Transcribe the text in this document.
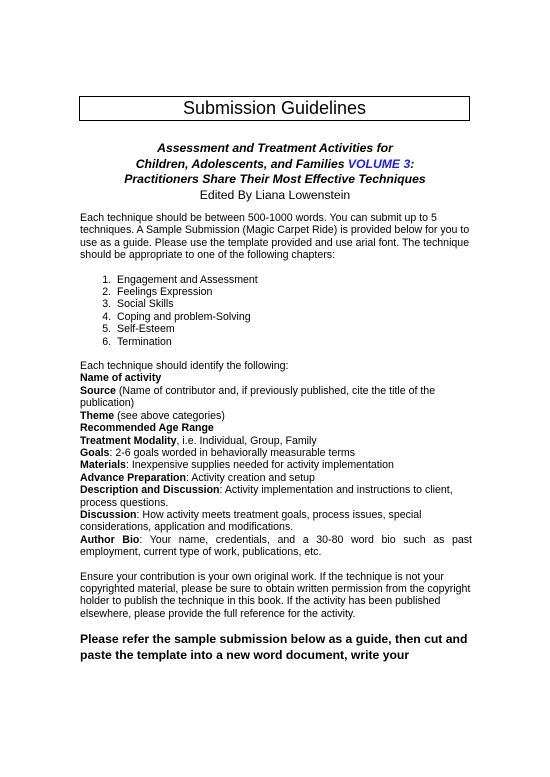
Submission Guidelines
Assessment and Treatment Activities for
Children, Adolescents, and Families VOLUME 3:
Practitioners Share Their Most Effective Techniques
Edited By Liana Lowenstein

Each technique should be between 500-1000 words. You can submit up to 5 techniques. A Sample Submission (Magic Carpet Ride) is provided below for you to use as a guide. Please use the template provided and use arial font. The technique should be appropriate to one of the following chapters:

1. Engagement and Assessment
2. Feelings Expression
3. Social Skills
4. Coping and problem-Solving
5. Self-Esteem
6. Termination

Each technique should identify the following:

Name of activity

Source (Name of contributor and, if previously published, cite the title of the publication)

Theme (see above categories)

Recommended Age Range

Treatment Modality, i.e. Individual, Group, Family

Goals: 2-6 goals worded in behaviorally measurable terms

Materials: Inexpensive supplies needed for activity implementation

Advance Preparation: Activity creation and setup

Description and Discussion: Activity implementation and instructions to client, process questions.

Discussion: How activity meets treatment goals, process issues, special considerations, application and modifications.

Author Bio: Your name, credentials, and a 30-80 word bio such as past employment, current type of work, publications, etc.

Ensure your contribution is your own original work. If the technique is not your copyrighted material, please be sure to obtain written permission from the copyright holder to publish the technique in this book. If the activity has been published elsewhere, please provide the full reference for the activity.

Please refer the sample submission below as a guide, then cut and paste the template into a new word document, write your
